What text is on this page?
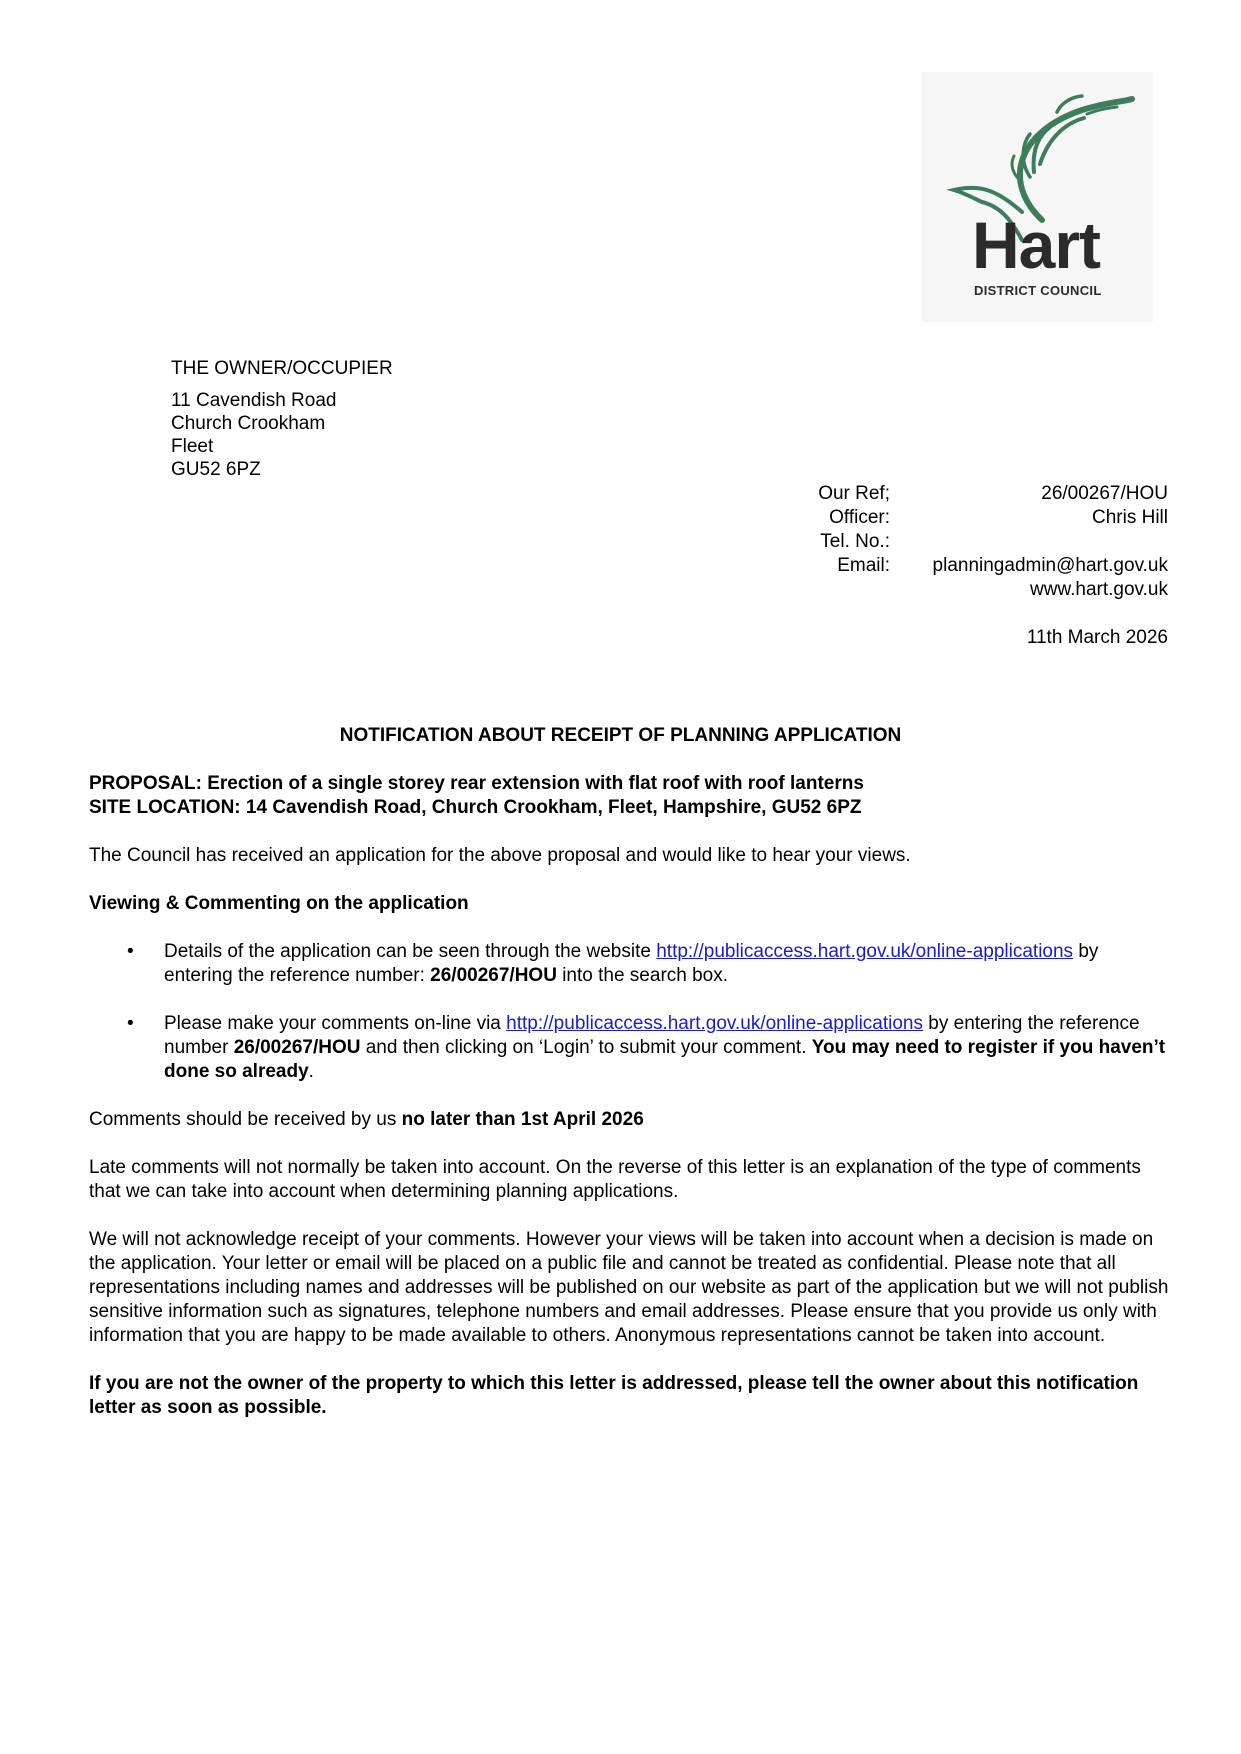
Hart
DISTRICT COUNCIL
THE OWNER/OCCUPIER
11 Cavendish Road
Church Crookham
Fleet
GU52 6PZ
Our Ref;	26/00267/HOU
Officer:	Chris Hill
Tel. No.:
Email:	planningadmin@hart.gov.uk
www.hart.gov.uk
11th March 2026
NOTIFICATION ABOUT RECEIPT OF PLANNING APPLICATION

PROPOSAL: Erection of a single storey rear extension with flat roof with roof lanterns

SITE LOCATION: 14 Cavendish Road, Church Crookham, Fleet, Hampshire, GU52 6PZ

The Council has received an application for the above proposal and would like to hear your views.

Viewing & Commenting on the application

• Details of the application can be seen through the website http://publicaccess.hart.gov.uk/online-applications by entering the reference number: 26/00267/HOU into the search box.
• Please make your comments on-line via http://publicaccess.hart.gov.uk/online-applications by entering the reference number 26/00267/HOU and then clicking on ‘Login’ to submit your comment. You may need to register if you haven’t done so already.

Comments should be received by us no later than 1st April 2026

Late comments will not normally be taken into account. On the reverse of this letter is an explanation of the type of comments that we can take into account when determining planning applications.

We will not acknowledge receipt of your comments. However your views will be taken into account when a decision is made on the application. Your letter or email will be placed on a public file and cannot be treated as confidential. Please note that all representations including names and addresses will be published on our website as part of the application but we will not publish sensitive information such as signatures, telephone numbers and email addresses. Please ensure that you provide us only with information that you are happy to be made available to others. Anonymous representations cannot be taken into account.

If you are not the owner of the property to which this letter is addressed, please tell the owner about this notification letter as soon as possible.
